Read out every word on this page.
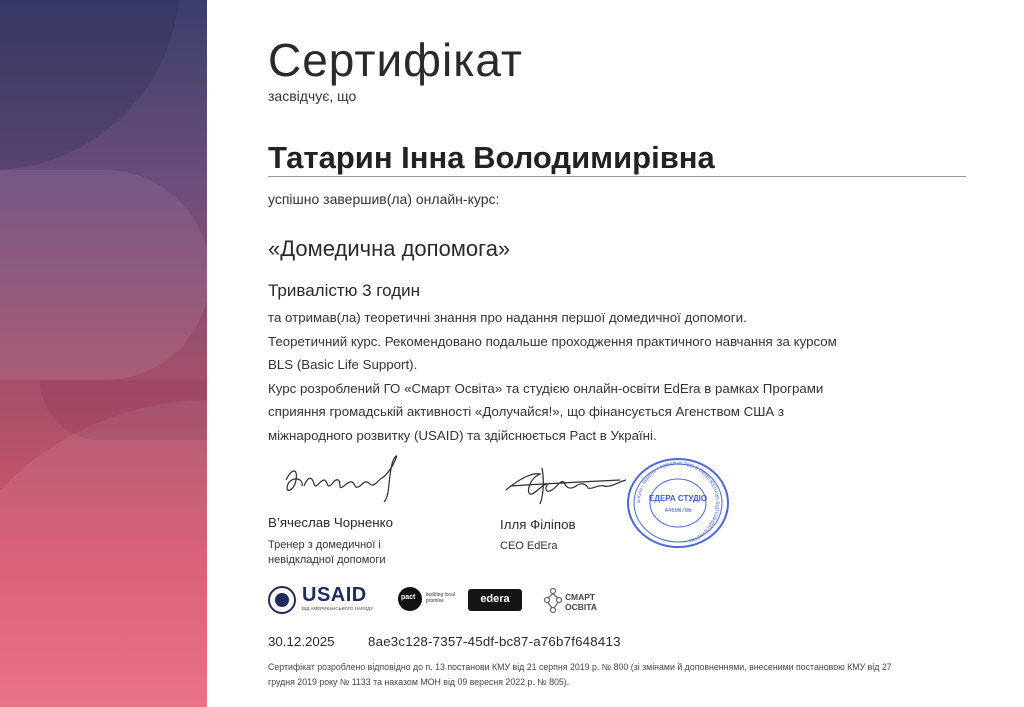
Сертифікат
засвідчує, що
Татарин Інна Володимирівна
успішно завершив(ла) онлайн-курс:
«Домедична допомога»
Тривалістю 3 годин

та отримав(ла) теоретичні знання про надання першої домедичної допомоги.

Теоретичний курс. Рекомендовано подальше проходження практичного навчання за курсом

BLS (Basic Life Support).

Курс розроблений ГО «Смарт Освіта» та студією онлайн-освіти EdEra в рамках Програми

сприяння громадській активності «Долучайся!», що фінансується Агенством США з

міжнародного розвитку (USAID) та здійснюється Pact в Україні.

В’ячеслав Чорненко
Тренер з домедичної і невідкладної допомоги
Ілля Філіпов
CEO EdEra
м.Київ • Україна • ТОВАРИСТВО З ОБМЕЖЕНОЮ ВІДПОВІДАЛЬНІСТЮ
ЕДЕРА СТУДІО
44696786
USAID
ВІД АМЕРИКАНСЬКОГО НАРОДУ
pact building local promise	edera	СМАРТ ОСВІТА
30.12.2025	8ae3c128-7357-45df-bc87-a76b7f648413
Сертифікат розроблено відповідно до п. 13 постанови КМУ від 21 серпня 2019 р. № 800 (зі змінами й доповненнями, внесеними постановою КМУ від 27 грудня 2019 року № 1133 та наказом МОН від 09 вересня 2022 р. № 805).
